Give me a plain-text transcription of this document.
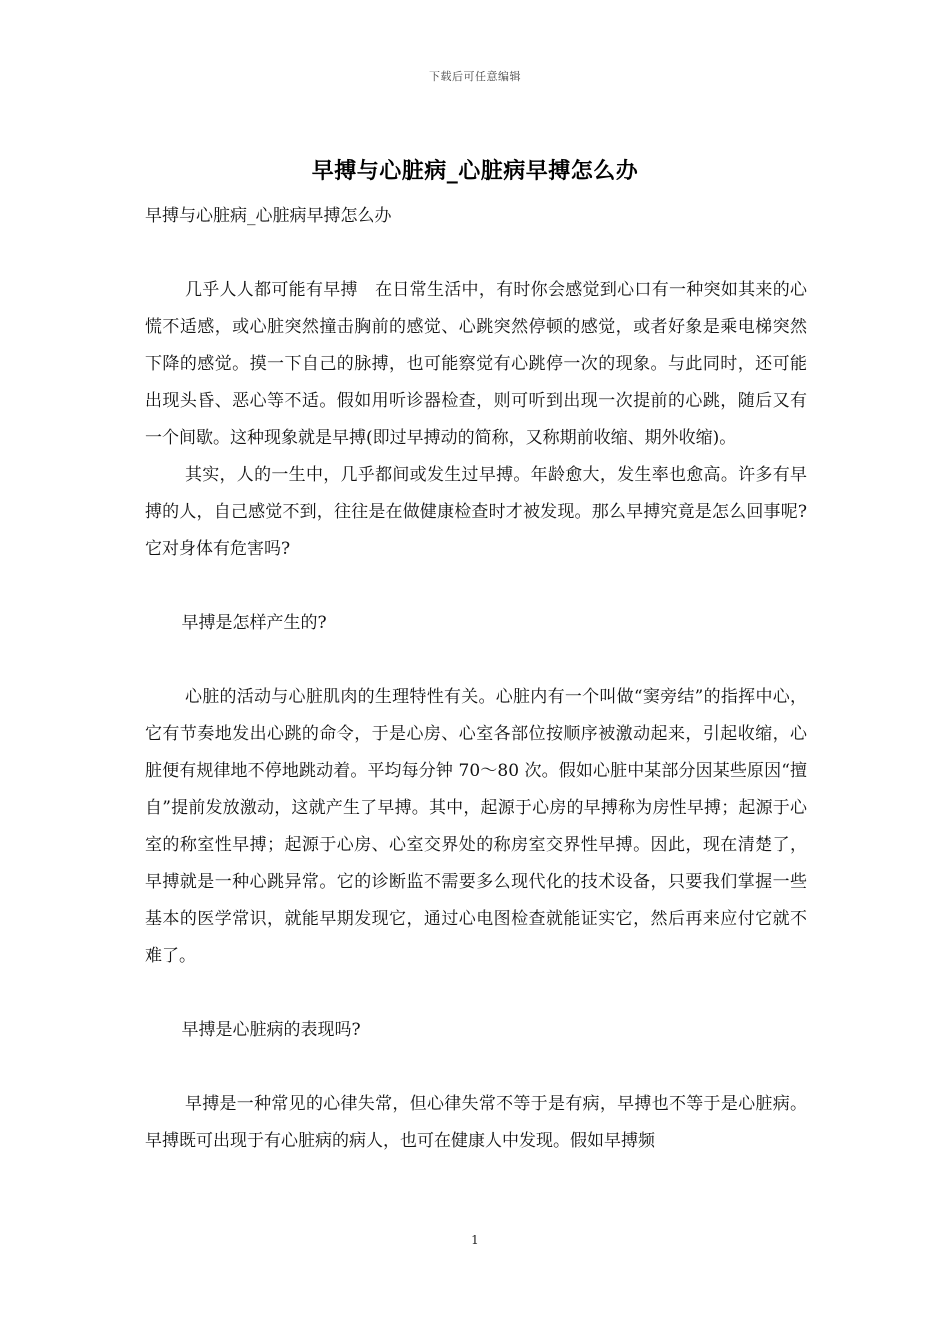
下载后可任意编辑
早搏与心脏病_心脏病早搏怎么办

早搏与心脏病_心脏病早搏怎么办

几乎人人都可能有早搏　在日常生活中，有时你会感觉到心口有一种突如其来的心慌不适感，或心脏突然撞击胸前的感觉、心跳突然停顿的感觉，或者好象是乘电梯突然下降的感觉。摸一下自己的脉搏，也可能察觉有心跳停一次的现象。与此同时，还可能出现头昏、恶心等不适。假如用听诊器检查，则可听到出现一次提前的心跳，随后又有一个间歇。这种现象就是早搏(即过早搏动的简称，又称期前收缩、期外收缩)。

其实，人的一生中，几乎都间或发生过早搏。年龄愈大，发生率也愈高。许多有早搏的人，自己感觉不到，往往是在做健康检查时才被发现。那么早搏究竟是怎么回事呢?它对身体有危害吗?

早搏是怎样产生的?

心脏的活动与心脏肌肉的生理特性有关。心脏内有一个叫做“窦旁结”的指挥中心，它有节奏地发出心跳的命令，于是心房、心室各部位按顺序被激动起来，引起收缩，心脏便有规律地不停地跳动着。平均每分钟 70～80 次。假如心脏中某部分因某些原因“擅自”提前发放激动，这就产生了早搏。其中，起源于心房的早搏称为房性早搏；起源于心室的称室性早搏；起源于心房、心室交界处的称房室交界性早搏。因此，现在清楚了，早搏就是一种心跳异常。它的诊断监不需要多么现代化的技术设备，只要我们掌握一些基本的医学常识，就能早期发现它，通过心电图检查就能证实它，然后再来应付它就不难了。

早搏是心脏病的表现吗?

早搏是一种常见的心律失常，但心律失常不等于是有病，早搏也不等于是心脏病。早搏既可出现于有心脏病的病人，也可在健康人中发现。假如早搏频

1
